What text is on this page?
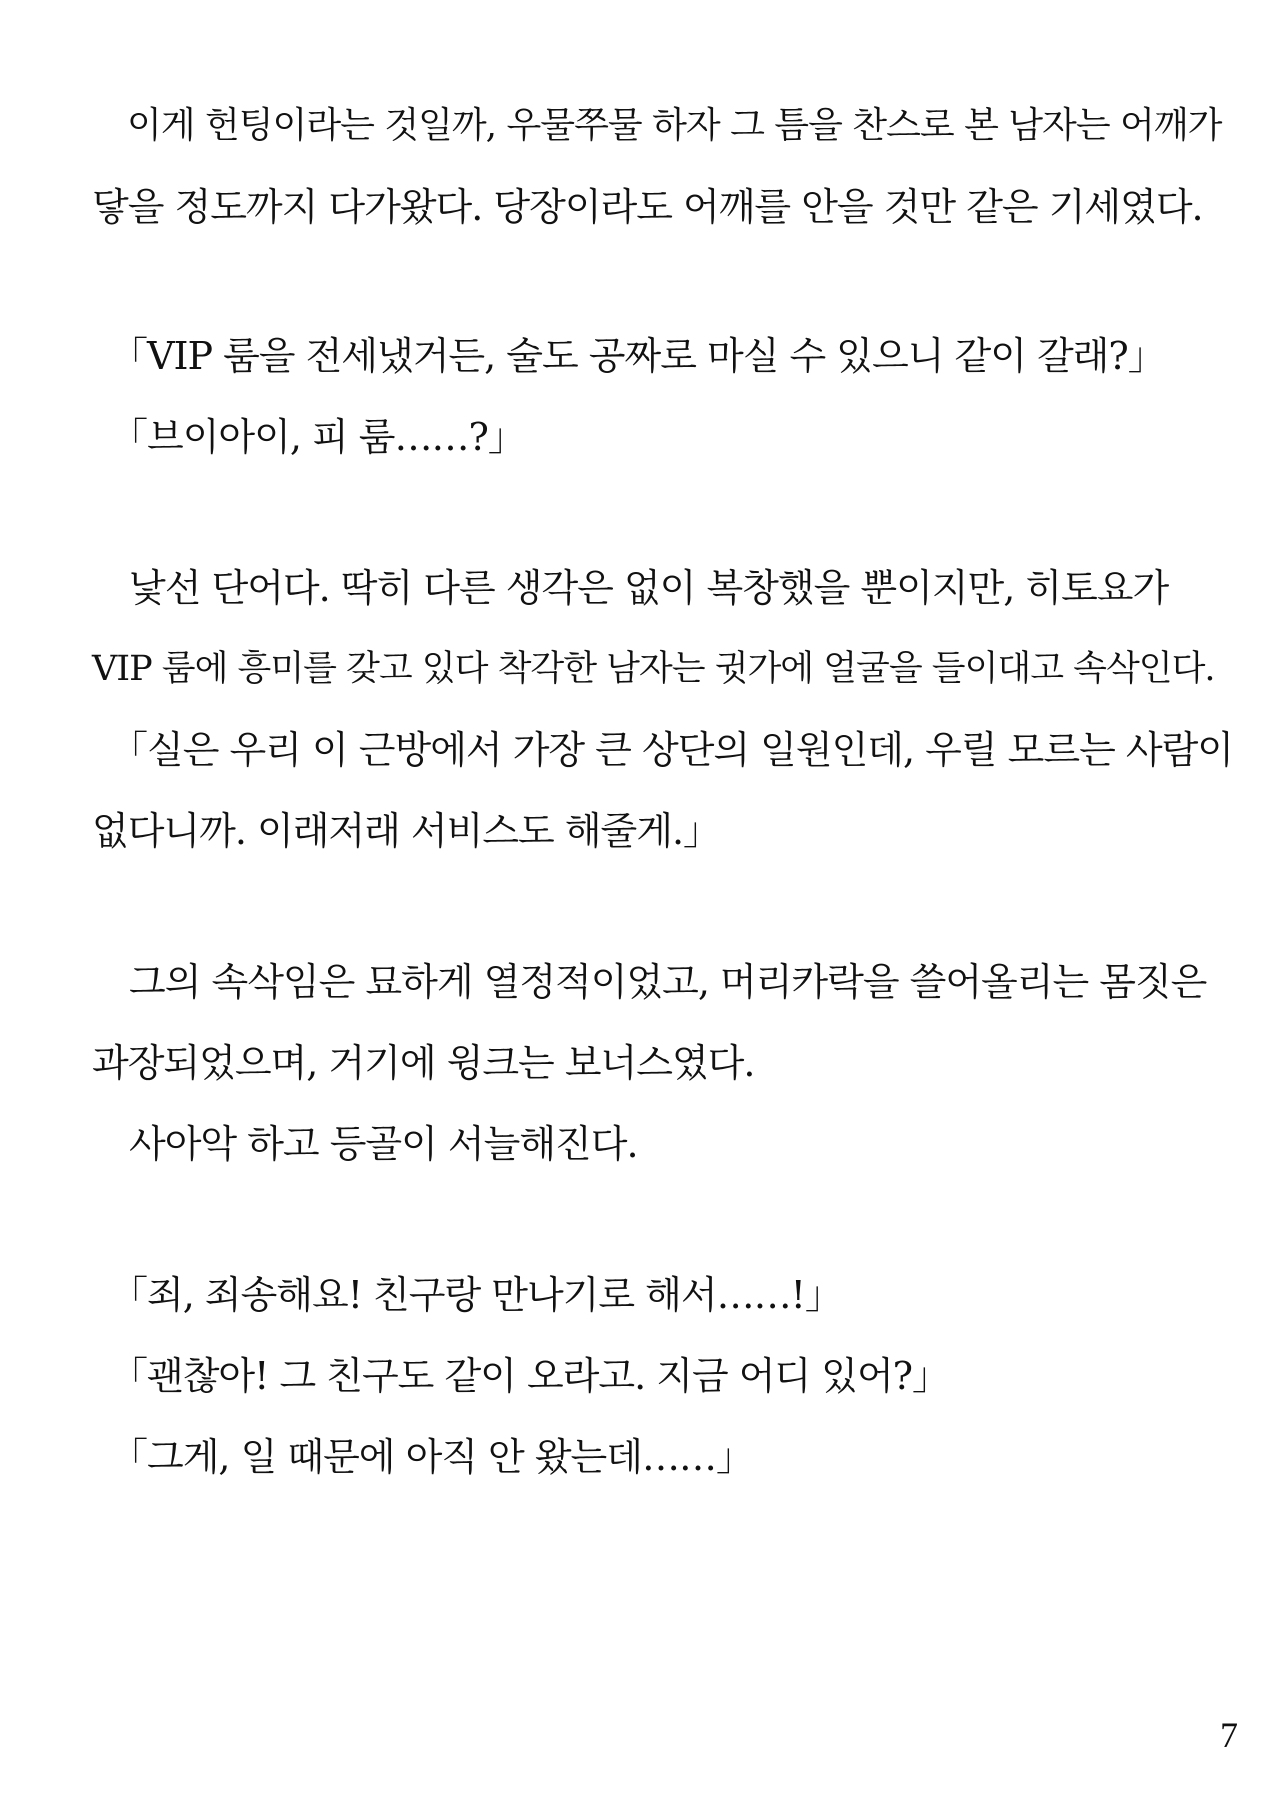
　이게 헌팅이라는 것일까, 우물쭈물 하자 그 틈을 찬스로 본 남자는 어깨가
닿을 정도까지 다가왔다. 당장이라도 어깨를 안을 것만 같은 기세였다.
　「VIP 룸을 전세냈거든, 술도 공짜로 마실 수 있으니 같이 갈래?」
　「브이아이, 피 룸……?」
　낯선 단어다. 딱히 다른 생각은 없이 복창했을 뿐이지만, 히토요가
VIP 룸에 흥미를 갖고 있다 착각한 남자는 귓가에 얼굴을 들이대고 속삭인다.
　「실은 우리 이 근방에서 가장 큰 상단의 일원인데, 우릴 모르는 사람이
없다니까. 이래저래 서비스도 해줄게.」
　그의 속삭임은 묘하게 열정적이었고, 머리카락을 쓸어올리는 몸짓은
과장되었으며, 거기에 윙크는 보너스였다.
　사아악 하고 등골이 서늘해진다.
　「죄, 죄송해요! 친구랑 만나기로 해서……!」
　「괜찮아! 그 친구도 같이 오라고. 지금 어디 있어?」
　「그게, 일 때문에 아직 안 왔는데……」
7
